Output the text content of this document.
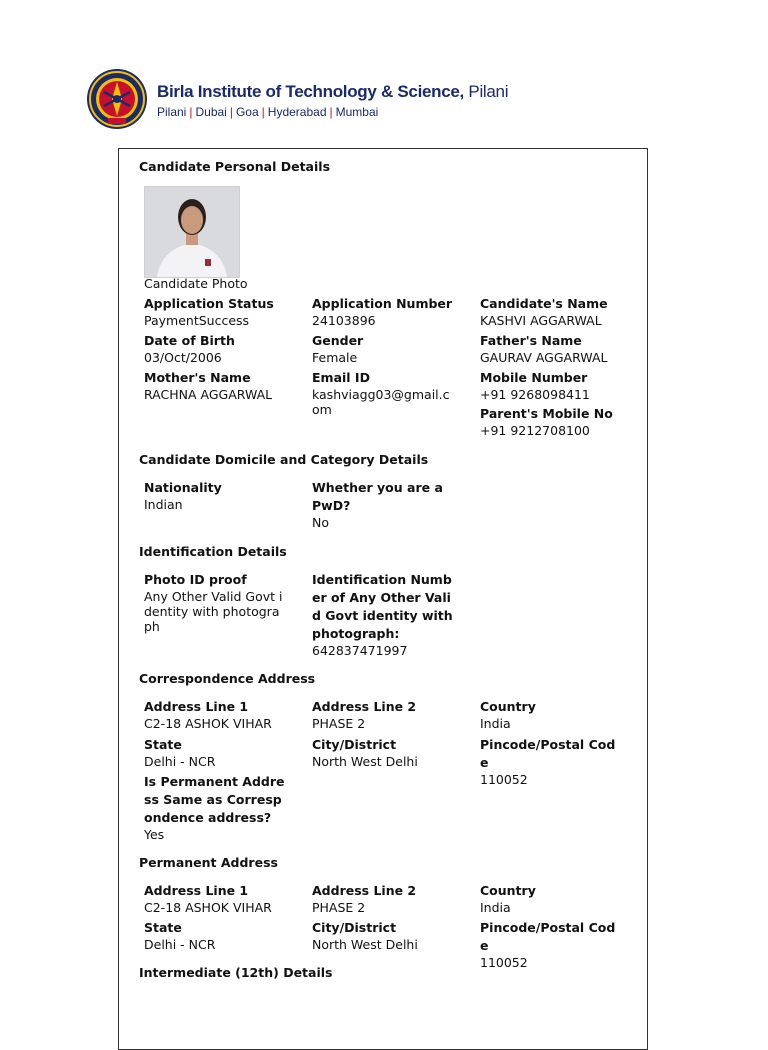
Birla Institute of Technology & Science, Pilani
Pilani | Dubai | Goa | Hyderabad | Mumbai
Candidate Personal Details
Candidate Photo
Application Status
PaymentSuccess
Application Number
24103896
Candidate's Name
KASHVI AGGARWAL
Date of Birth
03/Oct/2006
Gender
Female
Father's Name
GAURAV AGGARWAL
Mother's Name
RACHNA AGGARWAL
Email ID
kashviagg03@gmail.com
Mobile Number
+91 9268098411
Parent's Mobile No
+91 9212708100
Candidate Domicile and Category Details
Nationality
Indian
Whether you are a PwD?
No
Identification Details
Photo ID proof
Any Other Valid Govt identity with photograph
Identification Number of Any Other Valid Govt identity with photograph:
642837471997
Correspondence Address
Address Line 1
C2-18 ASHOK VIHAR
Address Line 2
PHASE 2
Country
India
State
Delhi - NCR
City/District
North West Delhi
Pincode/Postal Code
110052
Is Permanent Address Same as Correspondence address?
Yes
Permanent Address
Address Line 1
C2-18 ASHOK VIHAR
Address Line 2
PHASE 2
Country
India
State
Delhi - NCR
City/District
North West Delhi
Pincode/Postal Code
110052
Intermediate (12th) Details
